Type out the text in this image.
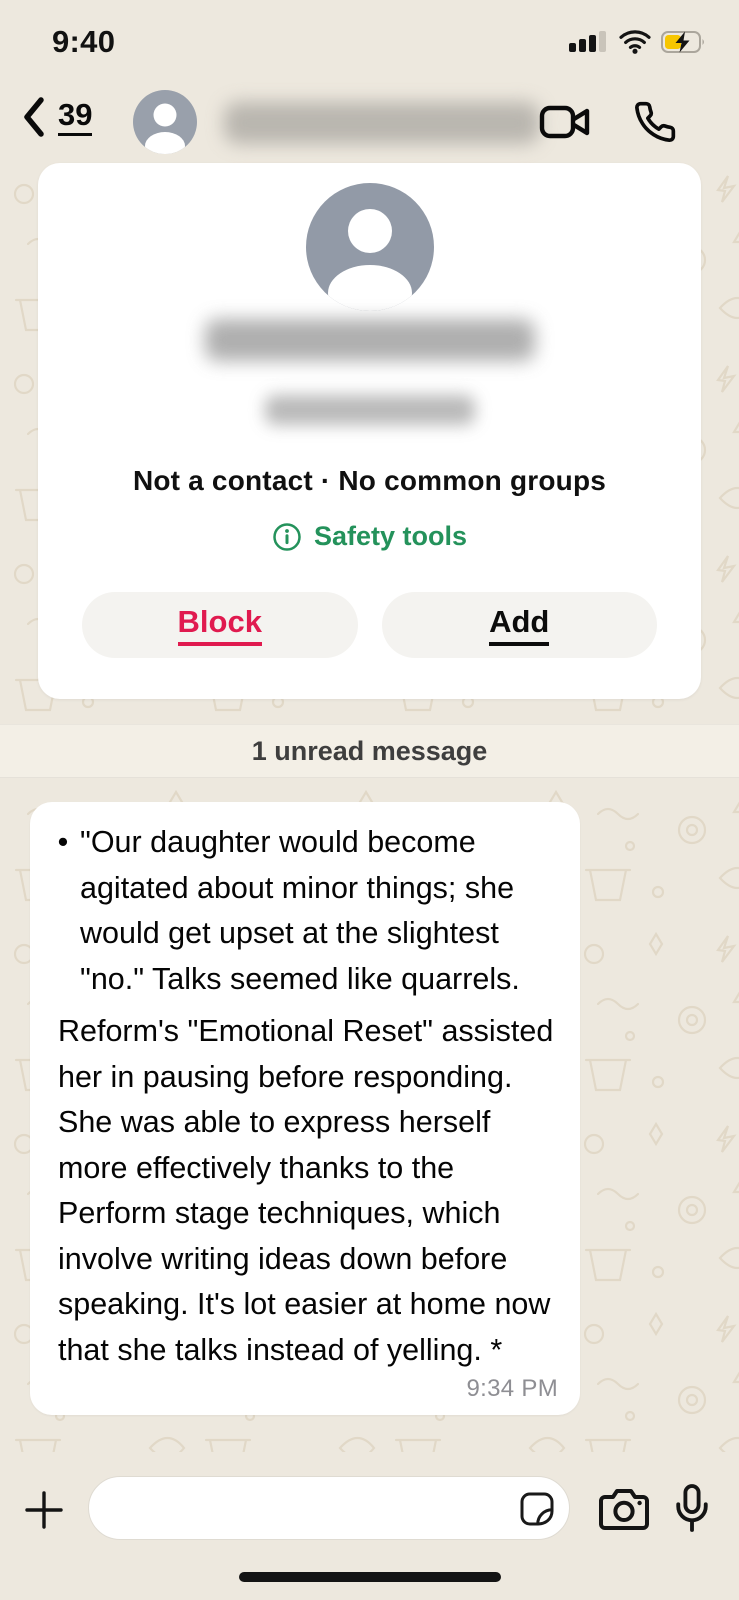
9:40
39
Not a contact · No common groups
Safety tools
Block	Add
1 unread message
• "Our daughter would become agitated about minor things; she would get upset at the slightest "no." Talks seemed like quarrels.
Reform's "Emotional Reset" assisted her in pausing before responding. She was able to express herself more effectively thanks to the Perform stage techniques, which involve writing ideas down before speaking. It's lot easier at home now that she talks instead of yelling. *
9:34 PM
